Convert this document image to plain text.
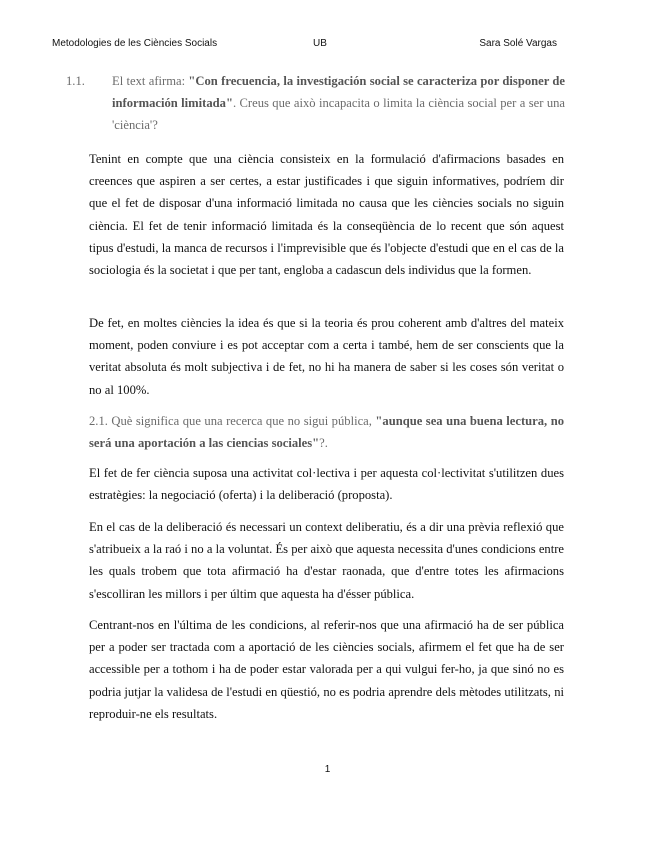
Metodologies de les Ciències Socials	UB	Sara Solé Vargas

1.1. El text afirma: "Con frecuencia, la investigación social se caracteriza por disponer de información limitada". Creus que això incapacita o limita la ciència social per a ser una 'ciència'?

Tenint en compte que una ciència consisteix en la formulació d'afirmacions basades en creences que aspiren a ser certes, a estar justificades i que siguin informatives, podríem dir que el fet de disposar d'una informació limitada no causa que les ciències socials no siguin ciència. El fet de tenir informació limitada és la conseqüència de lo recent que són aquest tipus d'estudi, la manca de recursos i l'imprevisible que és l'objecte d'estudi que en el cas de la sociologia és la societat i que per tant, engloba a cadascun dels individus que la formen.

De fet, en moltes ciències la idea és que si la teoria és prou coherent amb d'altres del mateix moment, poden conviure i es pot acceptar com a certa i també, hem de ser conscients que la veritat absoluta és molt subjectiva i de fet, no hi ha manera de saber si les coses són veritat o no al 100%.

2.1. Què significa que una recerca que no sigui pública, "aunque sea una buena lectura, no será una aportación a las ciencias sociales"?.

El fet de fer ciència suposa una activitat col·lectiva i per aquesta col·lectivitat s'utilitzen dues estratègies: la negociació (oferta) i la deliberació (proposta).

En el cas de la deliberació és necessari un context deliberatiu, és a dir una prèvia reflexió que s'atribueix a la raó i no a la voluntat. És per això que aquesta necessita d'unes condicions entre les quals trobem que tota afirmació ha d'estar raonada, que d'entre totes les afirmacions s'escolliran les millors i per últim que aquesta ha d'ésser pública.

Centrant-nos en l'última de les condicions, al referir-nos que una afirmació ha de ser pública per a poder ser tractada com a aportació de les ciències socials, afirmem el fet que ha de ser accessible per a tothom i ha de poder estar valorada per a qui vulgui fer-ho, ja que sinó no es podria jutjar la validesa de l'estudi en qüestió, no es podria aprendre dels mètodes utilitzats, ni reproduir-ne els resultats.

1
